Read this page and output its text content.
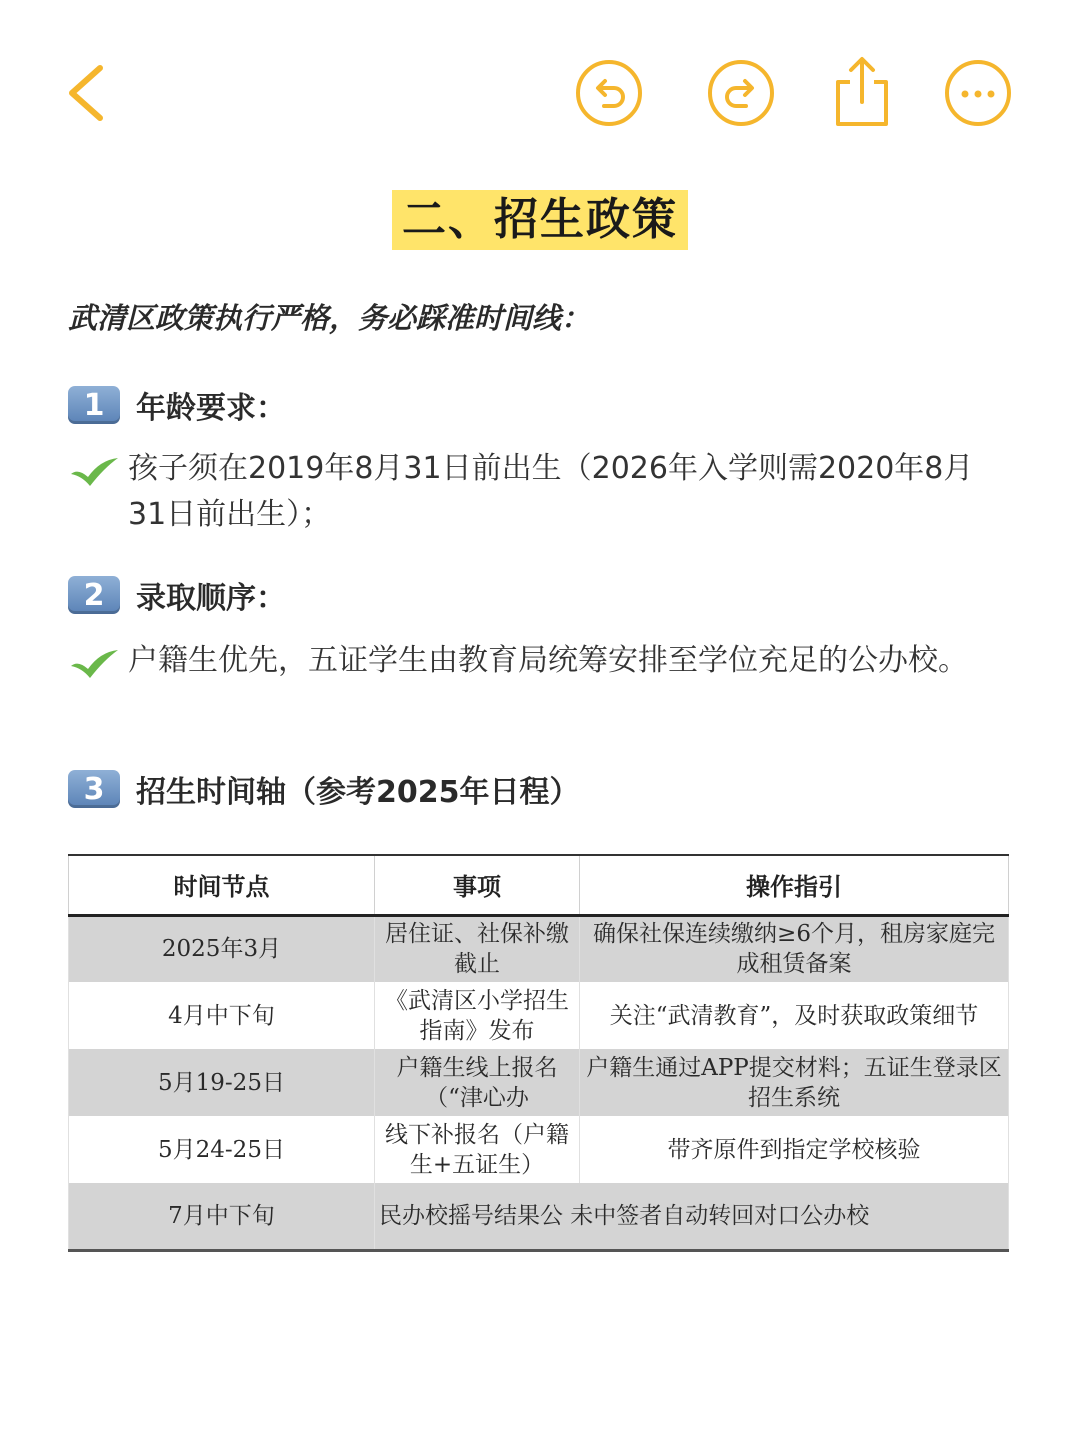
二、招生政策
武清区政策执行严格，务必踩准时间线：
1	年龄要求：
孩子须在2019年8月31日前出生（2026年入学则需2020年8月31日前出生）；
2	录取顺序：
户籍生优先，五证学生由教育局统筹安排至学位充足的公办校。
3	招生时间轴（参考2025年日程）
时间节点	事项	操作指引
2025年3月	居住证、社保补缴截止	确保社保连续缴纳≥6个月，租房家庭完成租赁备案
4月中下旬	《武清区小学招生指南》发布	关注“武清教育”，及时获取政策细节
5月19-25日	户籍生线上报名（“津心办	户籍生通过APP提交材料；五证生登录区招生系统
5月24-25日	线下补报名（户籍生+五证生）	带齐原件到指定学校核验
7月中下旬	民办校摇号结果公 未中签者自动转回对口公办校	
